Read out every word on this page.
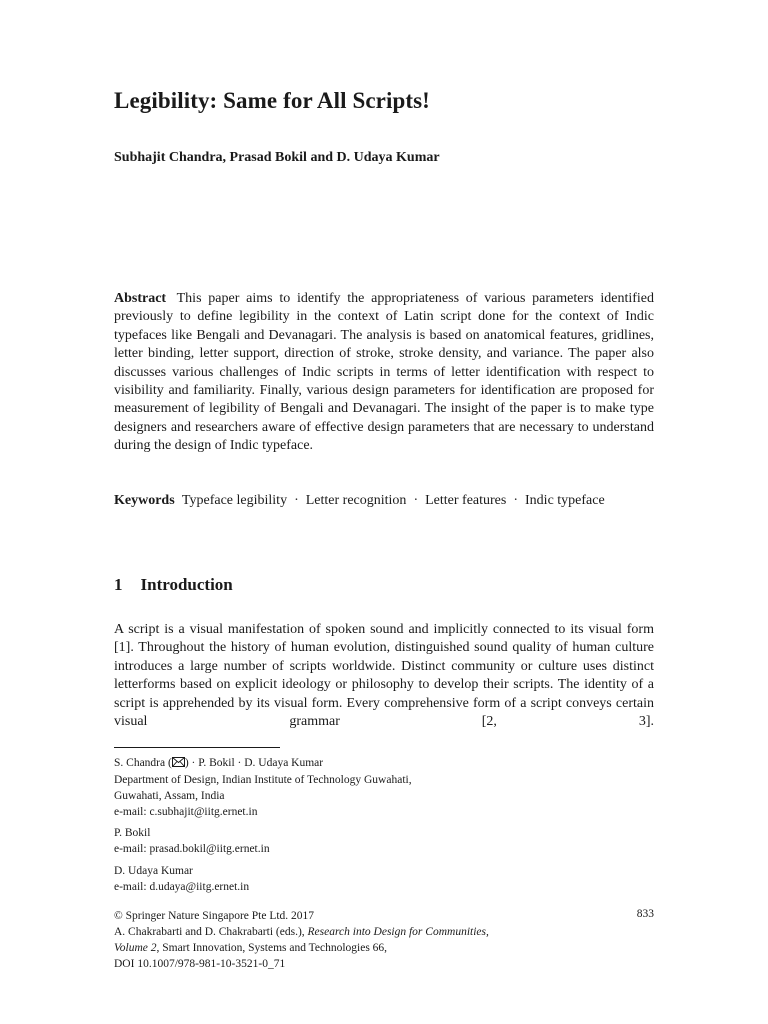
Legibility: Same for All Scripts!
Subhajit Chandra, Prasad Bokil and D. Udaya Kumar

Abstract This paper aims to identify the appropriateness of various parameters identified previously to define legibility in the context of Latin script done for the context of Indic typefaces like Bengali and Devanagari. The analysis is based on anatomical features, gridlines, letter binding, letter support, direction of stroke, stroke density, and variance. The paper also discusses various challenges of Indic scripts in terms of letter identification with respect to visibility and familiarity. Finally, various design parameters for identification are proposed for measurement of legibility of Bengali and Devanagari. The insight of the paper is to make type designers and researchers aware of effective design parameters that are necessary to understand during the design of Indic typeface.

Keywords Typeface legibility · Letter recognition · Letter features · Indic typeface

1 Introduction

A script is a visual manifestation of spoken sound and implicitly connected to its visual form [1]. Throughout the history of human evolution, distinguished sound quality of human culture introduces a large number of scripts worldwide. Distinct community or culture uses distinct letterforms based on explicit ideology or philosophy to develop their scripts. The identity of a script is apprehended by its visual form. Every comprehensive form of a script conveys certain visual grammar [2, 3].

S. Chandra ( ) · P. Bokil · D. Udaya Kumar
Department of Design, Indian Institute of Technology Guwahati,
Guwahati, Assam, India
e-mail: c.subhajit@iitg.ernet.in
P. Bokil
e-mail: prasad.bokil@iitg.ernet.in
D. Udaya Kumar
e-mail: d.udaya@iitg.ernet.in
© Springer Nature Singapore Pte Ltd. 2017
A. Chakrabarti and D. Chakrabarti (eds.), Research into Design for Communities,
Volume 2, Smart Innovation, Systems and Technologies 66,
DOI 10.1007/978-981-10-3521-0_71
833
